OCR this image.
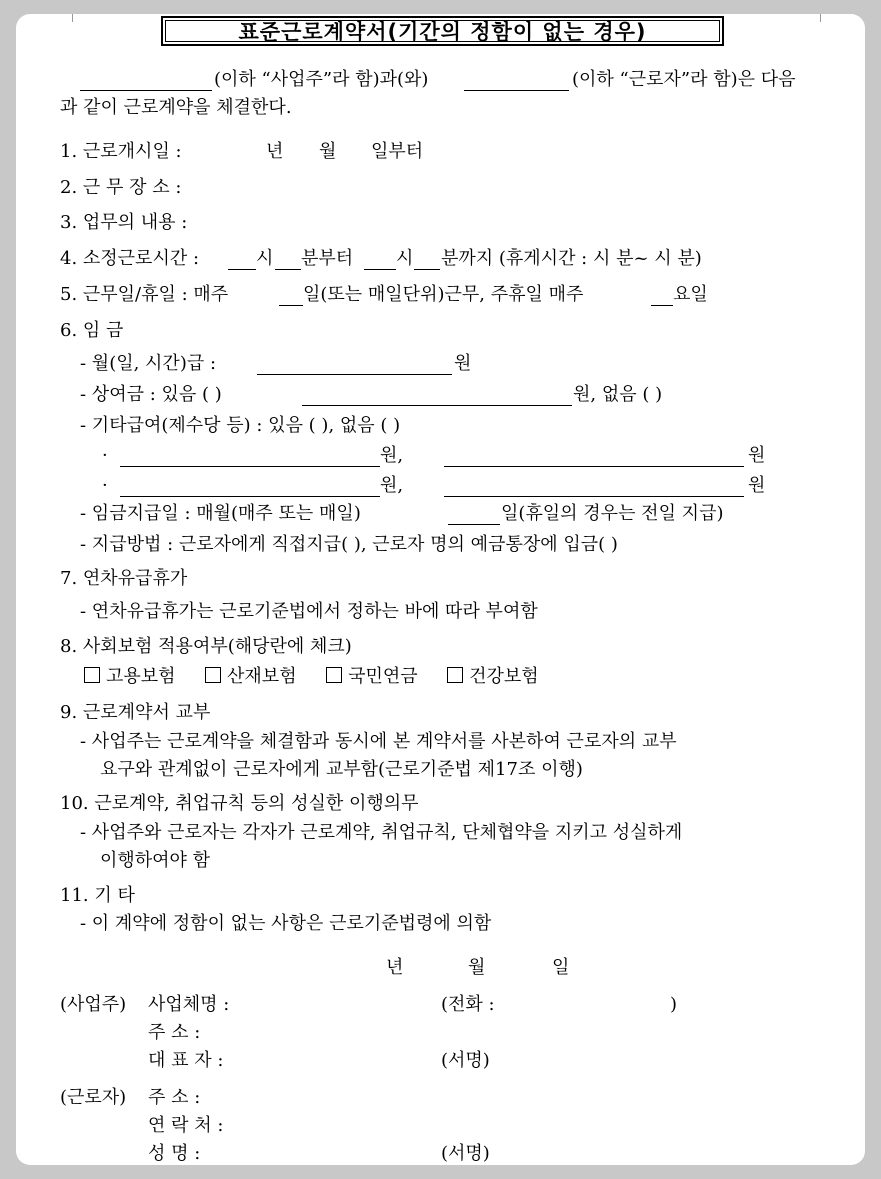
표준근로계약서(기간의 정함이 없는 경우)
(이하 “사업주”라 함)과(와)	(이하 “근로자”라 함)은 다음
과 같이 근로계약을 체결한다.
1. 근로개시일 :	년 월 일부터
2. 근 무 장 소 :
3. 업무의 내용 :
4. 소정근로시간 :	시 분부터 시 분까지 (휴게시간 : 시 분~ 시 분)
5. 근무일/휴일 : 매주	일(또는 매일단위)근무, 주휴일 매주	요일
6. 임 금
- 월(일, 시간)급 :	원
- 상여금 : 있음 ( )	원, 없음 ( )
- 기타급여(제수당 등) : 있음 ( ), 없음 ( )
·	원,	원
·	원,	원
- 임금지급일 : 매월(매주 또는 매일)	일(휴일의 경우는 전일 지급)
- 지급방법 : 근로자에게 직접지급( ), 근로자 명의 예금통장에 입금( )
7. 연차유급휴가
- 연차유급휴가는 근로기준법에서 정하는 바에 따라 부여함
8. 사회보험 적용여부(해당란에 체크)
고용보험	산재보험	국민연금	건강보험
9. 근로계약서 교부
- 사업주는 근로계약을 체결함과 동시에 본 계약서를 사본하여 근로자의 교부
요구와 관계없이 근로자에게 교부함(근로기준법 제17조 이행)
10. 근로계약, 취업규칙 등의 성실한 이행의무
- 사업주와 근로자는 각자가 근로계약, 취업규칙, 단체협약을 지키고 성실하게
이행하여야 함
11. 기 타
- 이 계약에 정함이 없는 사항은 근로기준법령에 의함
년	월	일
(사업주) 사업체명 :	(전화 :	)
주 소 :
대 표 자 :	(서명)
(근로자) 주 소 :
연 락 처 :
성 명 :	(서명)
